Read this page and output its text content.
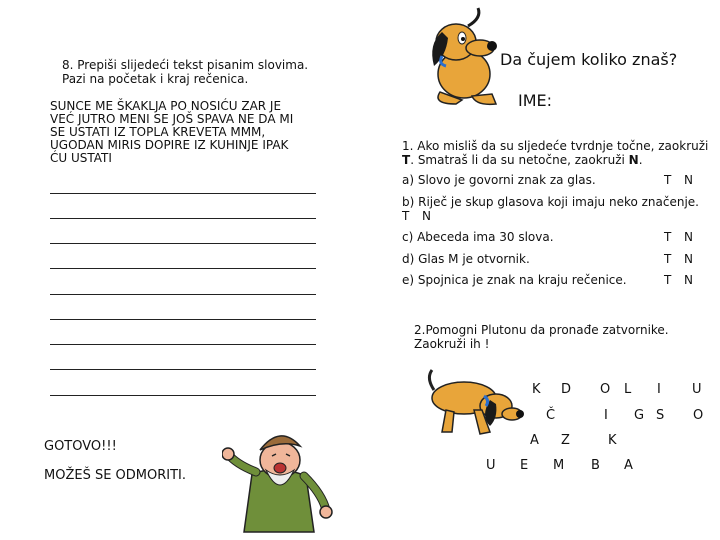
Da čujem koliko znaš?
IME:
8. Prepiši slijedeći tekst pisanim slovima. Pazi na početak i kraj rečenica.
SUNCE ME ŠKAKLJA PO NOSIĆU ZAR JE
VEĆ JUTRO MENI SE JOŠ SPAVA NE DA MI
SE USTATI IZ TOPLA KREVETA MMM,
UGODAN MIRIS DOPIRE IZ KUHINJE IPAK
ĆU USTATI
1. Ako misliš da su sljedeće tvrdnje točne, zaokruži T. Smatraš li da su netočne, zaokruži N.
a) Slovo je govorni znak za glas.	T N
b) Riječ je skup glasova koji imaju neko značenje.
T N
c) Abeceda ima 30 slova.	T N
d) Glas M je otvornik.	T N
e) Spojnica je znak na kraju rečenice.	T N
2.Pomogni Plutonu da pronađe zatvornike. Zaokruži ih !
K D O L I U
Č	I G S O
A Z	K
U E M B A
GOTOVO!!!
MOŽEŠ SE ODMORITI.
